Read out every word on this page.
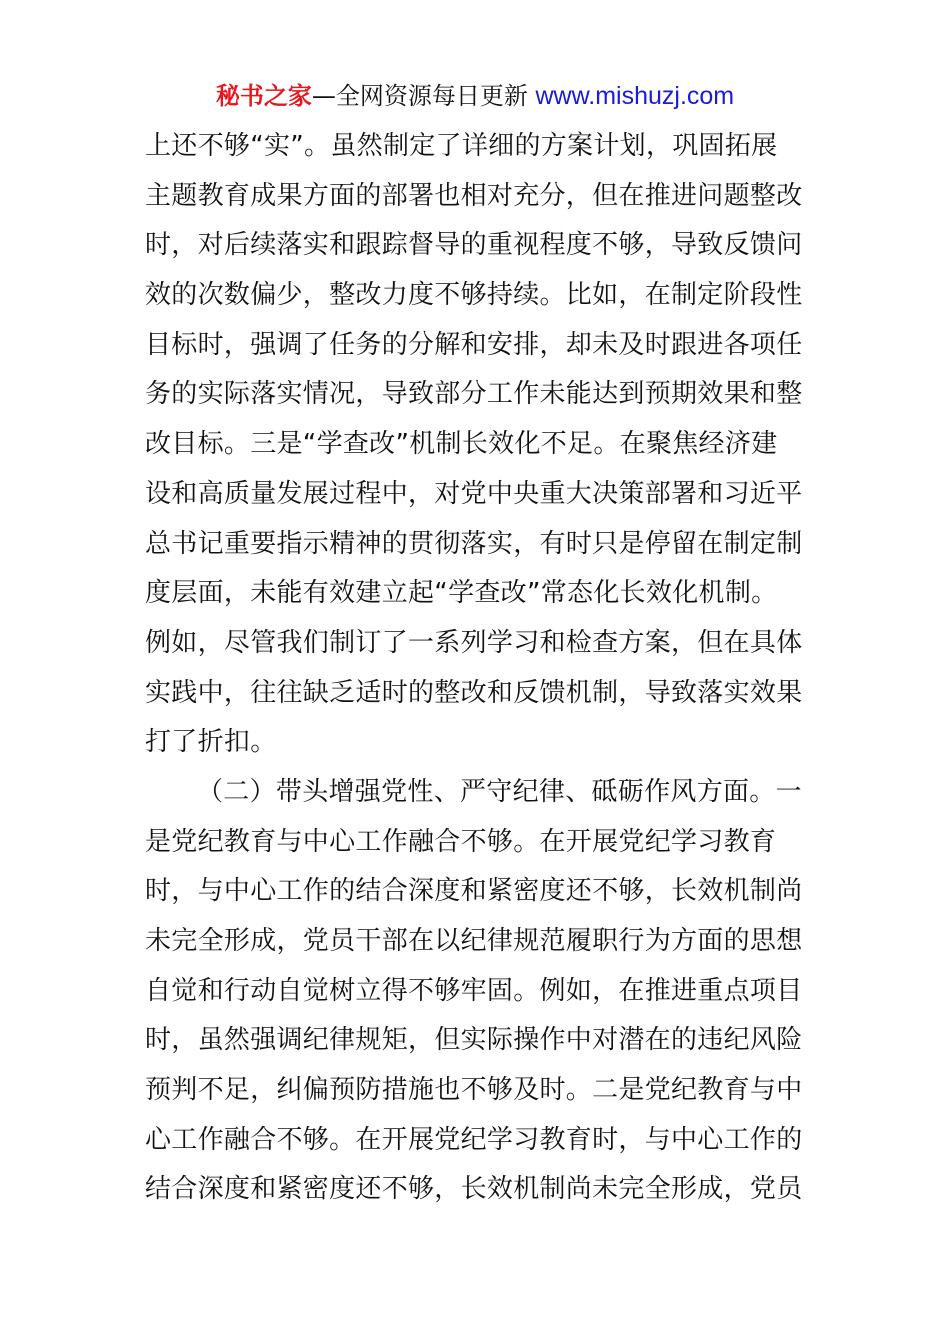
秘书之家—全网资源每日更新 www.mishuzj.com
上还不够“实”。虽然制定了详细的方案计划，巩固拓展
主题教育成果方面的部署也相对充分，但在推进问题整改
时，对后续落实和跟踪督导的重视程度不够，导致反馈问
效的次数偏少，整改力度不够持续。比如，在制定阶段性
目标时，强调了任务的分解和安排，却未及时跟进各项任
务的实际落实情况，导致部分工作未能达到预期效果和整
改目标。三是“学查改”机制长效化不足。在聚焦经济建
设和高质量发展过程中，对党中央重大决策部署和习近平
总书记重要指示精神的贯彻落实，有时只是停留在制定制
度层面，未能有效建立起“学查改”常态化长效化机制。
例如，尽管我们制订了一系列学习和检查方案，但在具体
实践中，往往缺乏适时的整改和反馈机制，导致落实效果
打了折扣。
（二）带头增强党性、严守纪律、砥砺作风方面。一
是党纪教育与中心工作融合不够。在开展党纪学习教育
时，与中心工作的结合深度和紧密度还不够，长效机制尚
未完全形成，党员干部在以纪律规范履职行为方面的思想
自觉和行动自觉树立得不够牢固。例如，在推进重点项目
时，虽然强调纪律规矩，但实际操作中对潜在的违纪风险
预判不足，纠偏预防措施也不够及时。二是党纪教育与中
心工作融合不够。在开展党纪学习教育时，与中心工作的
结合深度和紧密度还不够，长效机制尚未完全形成，党员
